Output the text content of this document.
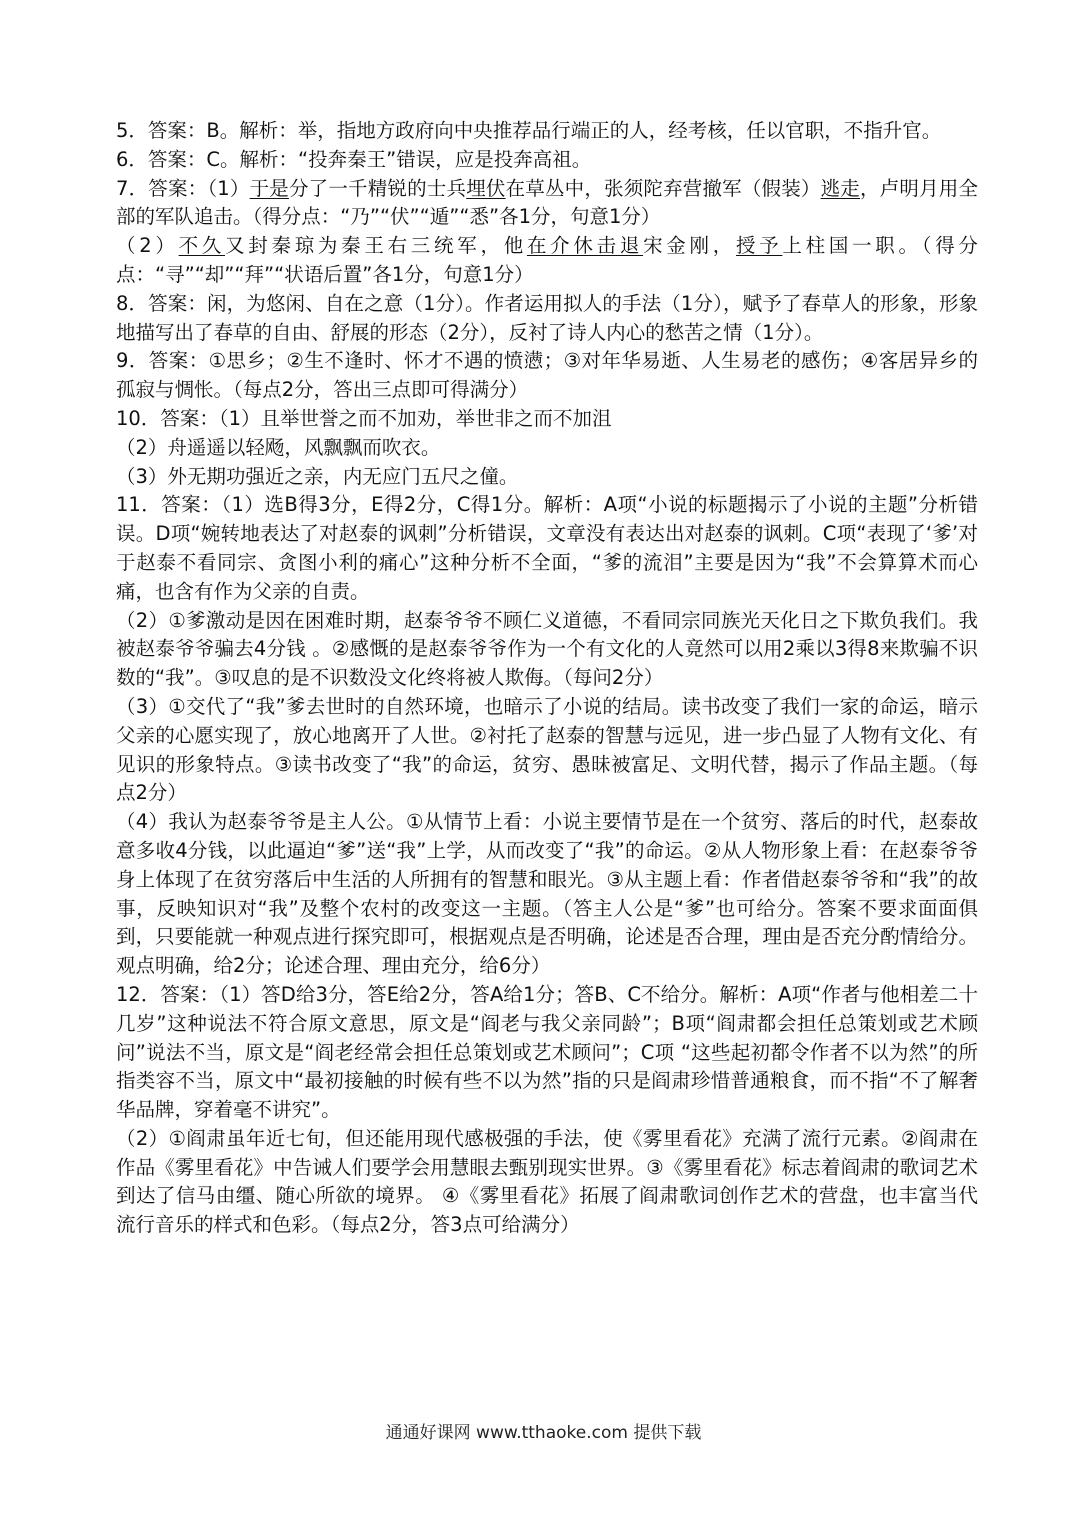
5．答案：B。解析：举，指地方政府向中央推荐品行端正的人，经考核，任以官职，不指升官。

6．答案：C。解析：“投奔秦王”错误，应是投奔高祖。

7．答案：（1）于是分了一千精锐的士兵埋伏在草丛中，张须陀弃营撤军（假装）逃走，卢明月用全部的军队追击。（得分点：“乃”“伏”“遁”“悉”各1分，句意1分）

（2）不久又封秦琼为秦王右三统军，他在介休击退宋金刚，授予上柱国一职。（得分点：“寻”“却”“拜”“状语后置”各1分，句意1分）

8．答案：闲，为悠闲、自在之意（1分）。作者运用拟人的手法（1分），赋予了春草人的形象，形象地描写出了春草的自由、舒展的形态（2分），反衬了诗人内心的愁苦之情（1分）。

9．答案：①思乡；②生不逢时、怀才不遇的愤懑；③对年华易逝、人生易老的感伤；④客居异乡的孤寂与惆怅。（每点2分，答出三点即可得满分）

10．答案：（1）且举世誉之而不加劝，举世非之而不加沮

（2）舟遥遥以轻飏，风飘飘而吹衣。

（3）外无期功强近之亲，内无应门五尺之僮。

11．答案：（1）选B得3分，E得2分，C得1分。解析：A项“小说的标题揭示了小说的主题”分析错误。D项“婉转地表达了对赵泰的讽刺”分析错误，文章没有表达出对赵泰的讽刺。C项“表现了‘爹’对于赵泰不看同宗、贪图小利的痛心”这种分析不全面，“爹的流泪”主要是因为“我”不会算算术而心痛，也含有作为父亲的自责。

（2）①爹激动是因在困难时期，赵泰爷爷不顾仁义道德，不看同宗同族光天化日之下欺负我们。我被赵泰爷爷骗去4分钱 。②感慨的是赵泰爷爷作为一个有文化的人竟然可以用2乘以3得8来欺骗不识数的“我”。③叹息的是不识数没文化终将被人欺侮。（每问2分）

（3）①交代了“我”爹去世时的自然环境，也暗示了小说的结局。读书改变了我们一家的命运，暗示父亲的心愿实现了，放心地离开了人世。②衬托了赵泰的智慧与远见，进一步凸显了人物有文化、有见识的形象特点。③读书改变了“我”的命运，贫穷、愚昧被富足、文明代替，揭示了作品主题。（每点2分）

（4）我认为赵泰爷爷是主人公。①从情节上看：小说主要情节是在一个贫穷、落后的时代，赵泰故意多收4分钱，以此逼迫“爹”送“我”上学，从而改变了“我”的命运。②从人物形象上看：在赵泰爷爷身上体现了在贫穷落后中生活的人所拥有的智慧和眼光。③从主题上看：作者借赵泰爷爷和“我”的故事，反映知识对“我”及整个农村的改变这一主题。（答主人公是“爹”也可给分。答案不要求面面俱到，只要能就一种观点进行探究即可，根据观点是否明确，论述是否合理，理由是否充分酌情给分。观点明确，给2分；论述合理、理由充分，给6分）

12．答案：（1）答D给3分，答E给2分，答A给1分；答B、C不给分。解析：A项“作者与他相差二十几岁”这种说法不符合原文意思，原文是“阎老与我父亲同龄”；B项“阎肃都会担任总策划或艺术顾问”说法不当，原文是“阎老经常会担任总策划或艺术顾问”；C项 “这些起初都令作者不以为然”的所指类容不当，原文中“最初接触的时候有些不以为然”指的只是阎肃珍惜普通粮食，而不指“不了解奢华品牌，穿着毫不讲究”。

（2）①阎肃虽年近七旬，但还能用现代感极强的手法，使《雾里看花》充满了流行元素。②阎肃在作品《雾里看花》中告诫人们要学会用慧眼去甄别现实世界。③《雾里看花》标志着阎肃的歌词艺术到达了信马由缰、随心所欲的境界。 ④《雾里看花》拓展了阎肃歌词创作艺术的营盘，也丰富当代流行音乐的样式和色彩。（每点2分，答3点可给满分）

通通好课网 www.tthaoke.com 提供下载
